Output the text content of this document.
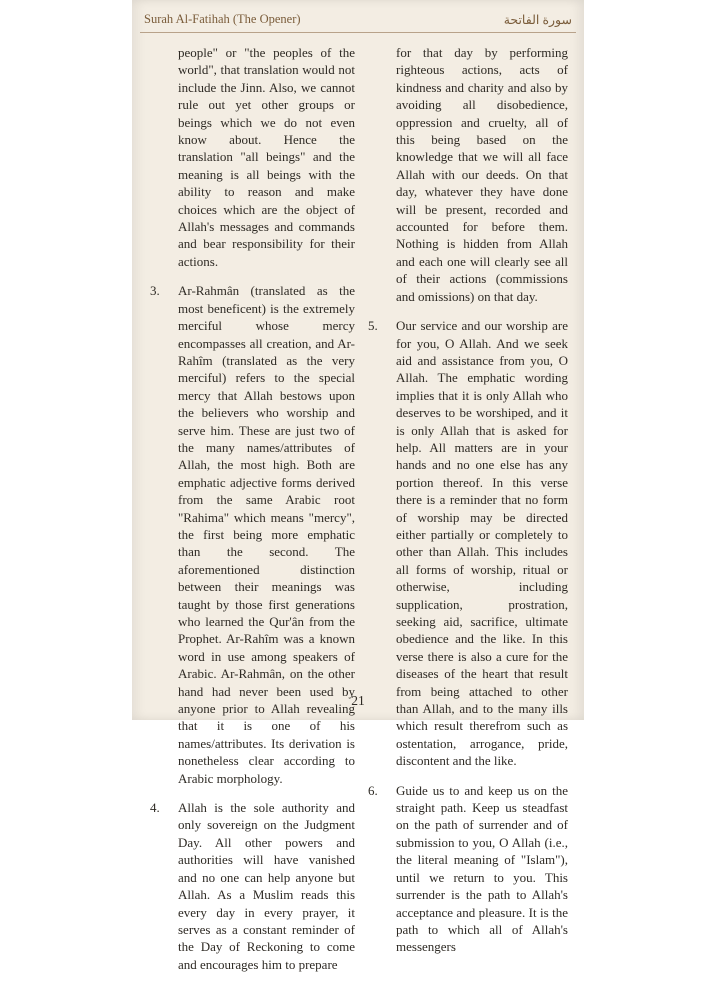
Surah Al-Fatihah (The Opener)	سورة الفاتحة

people" or "the peoples of the world", that translation would not include the Jinn. Also, we cannot rule out yet other groups or beings which we do not even know about. Hence the translation "all beings" and the meaning is all beings with the ability to reason and make choices which are the object of Allah's messages and commands and bear responsibility for their actions.

3. Ar-Rahmân (translated as the most beneficent) is the extremely merciful whose mercy encompasses all creation, and Ar-Rahîm (translated as the very merciful) refers to the special mercy that Allah bestows upon the believers who worship and serve him. These are just two of the many names/attributes of Allah, the most high. Both are emphatic adjective forms derived from the same Arabic root "Rahima" which means "mercy", the first being more emphatic than the second. The aforementioned distinction between their meanings was taught by those first generations who learned the Qur'ân from the Prophet. Ar-Rahîm was a known word in use among speakers of Arabic. Ar-Rahmân, on the other hand had never been used by anyone prior to Allah revealing that it is one of his names/attributes. Its derivation is nonetheless clear according to Arabic morphology.

4. Allah is the sole authority and only sovereign on the Judgment Day. All other powers and authorities will have vanished and no one can help anyone but Allah. As a Muslim reads this every day in every prayer, it serves as a constant reminder of the Day of Reckoning to come and encourages him to prepare

for that day by performing righteous actions, acts of kindness and charity and also by avoiding all disobedience, oppression and cruelty, all of this being based on the knowledge that we will all face Allah with our deeds. On that day, whatever they have done will be present, recorded and accounted for before them. Nothing is hidden from Allah and each one will clearly see all of their actions (commissions and omissions) on that day.

5. Our service and our worship are for you, O Allah. And we seek aid and assistance from you, O Allah. The emphatic wording implies that it is only Allah who deserves to be worshiped, and it is only Allah that is asked for help. All matters are in your hands and no one else has any portion thereof. In this verse there is a reminder that no form of worship may be directed either partially or completely to other than Allah. This includes all forms of worship, ritual or otherwise, including supplication, prostration, seeking aid, sacrifice, ultimate obedience and the like. In this verse there is also a cure for the diseases of the heart that result from being attached to other than Allah, and to the many ills which result therefrom such as ostentation, arrogance, pride, discontent and the like.

6. Guide us to and keep us on the straight path. Keep us steadfast on the path of surrender and of submission to you, O Allah (i.e., the literal meaning of "Islam"), until we return to you. This surrender is the path to Allah's acceptance and pleasure. It is the path to which all of Allah's messengers

21
